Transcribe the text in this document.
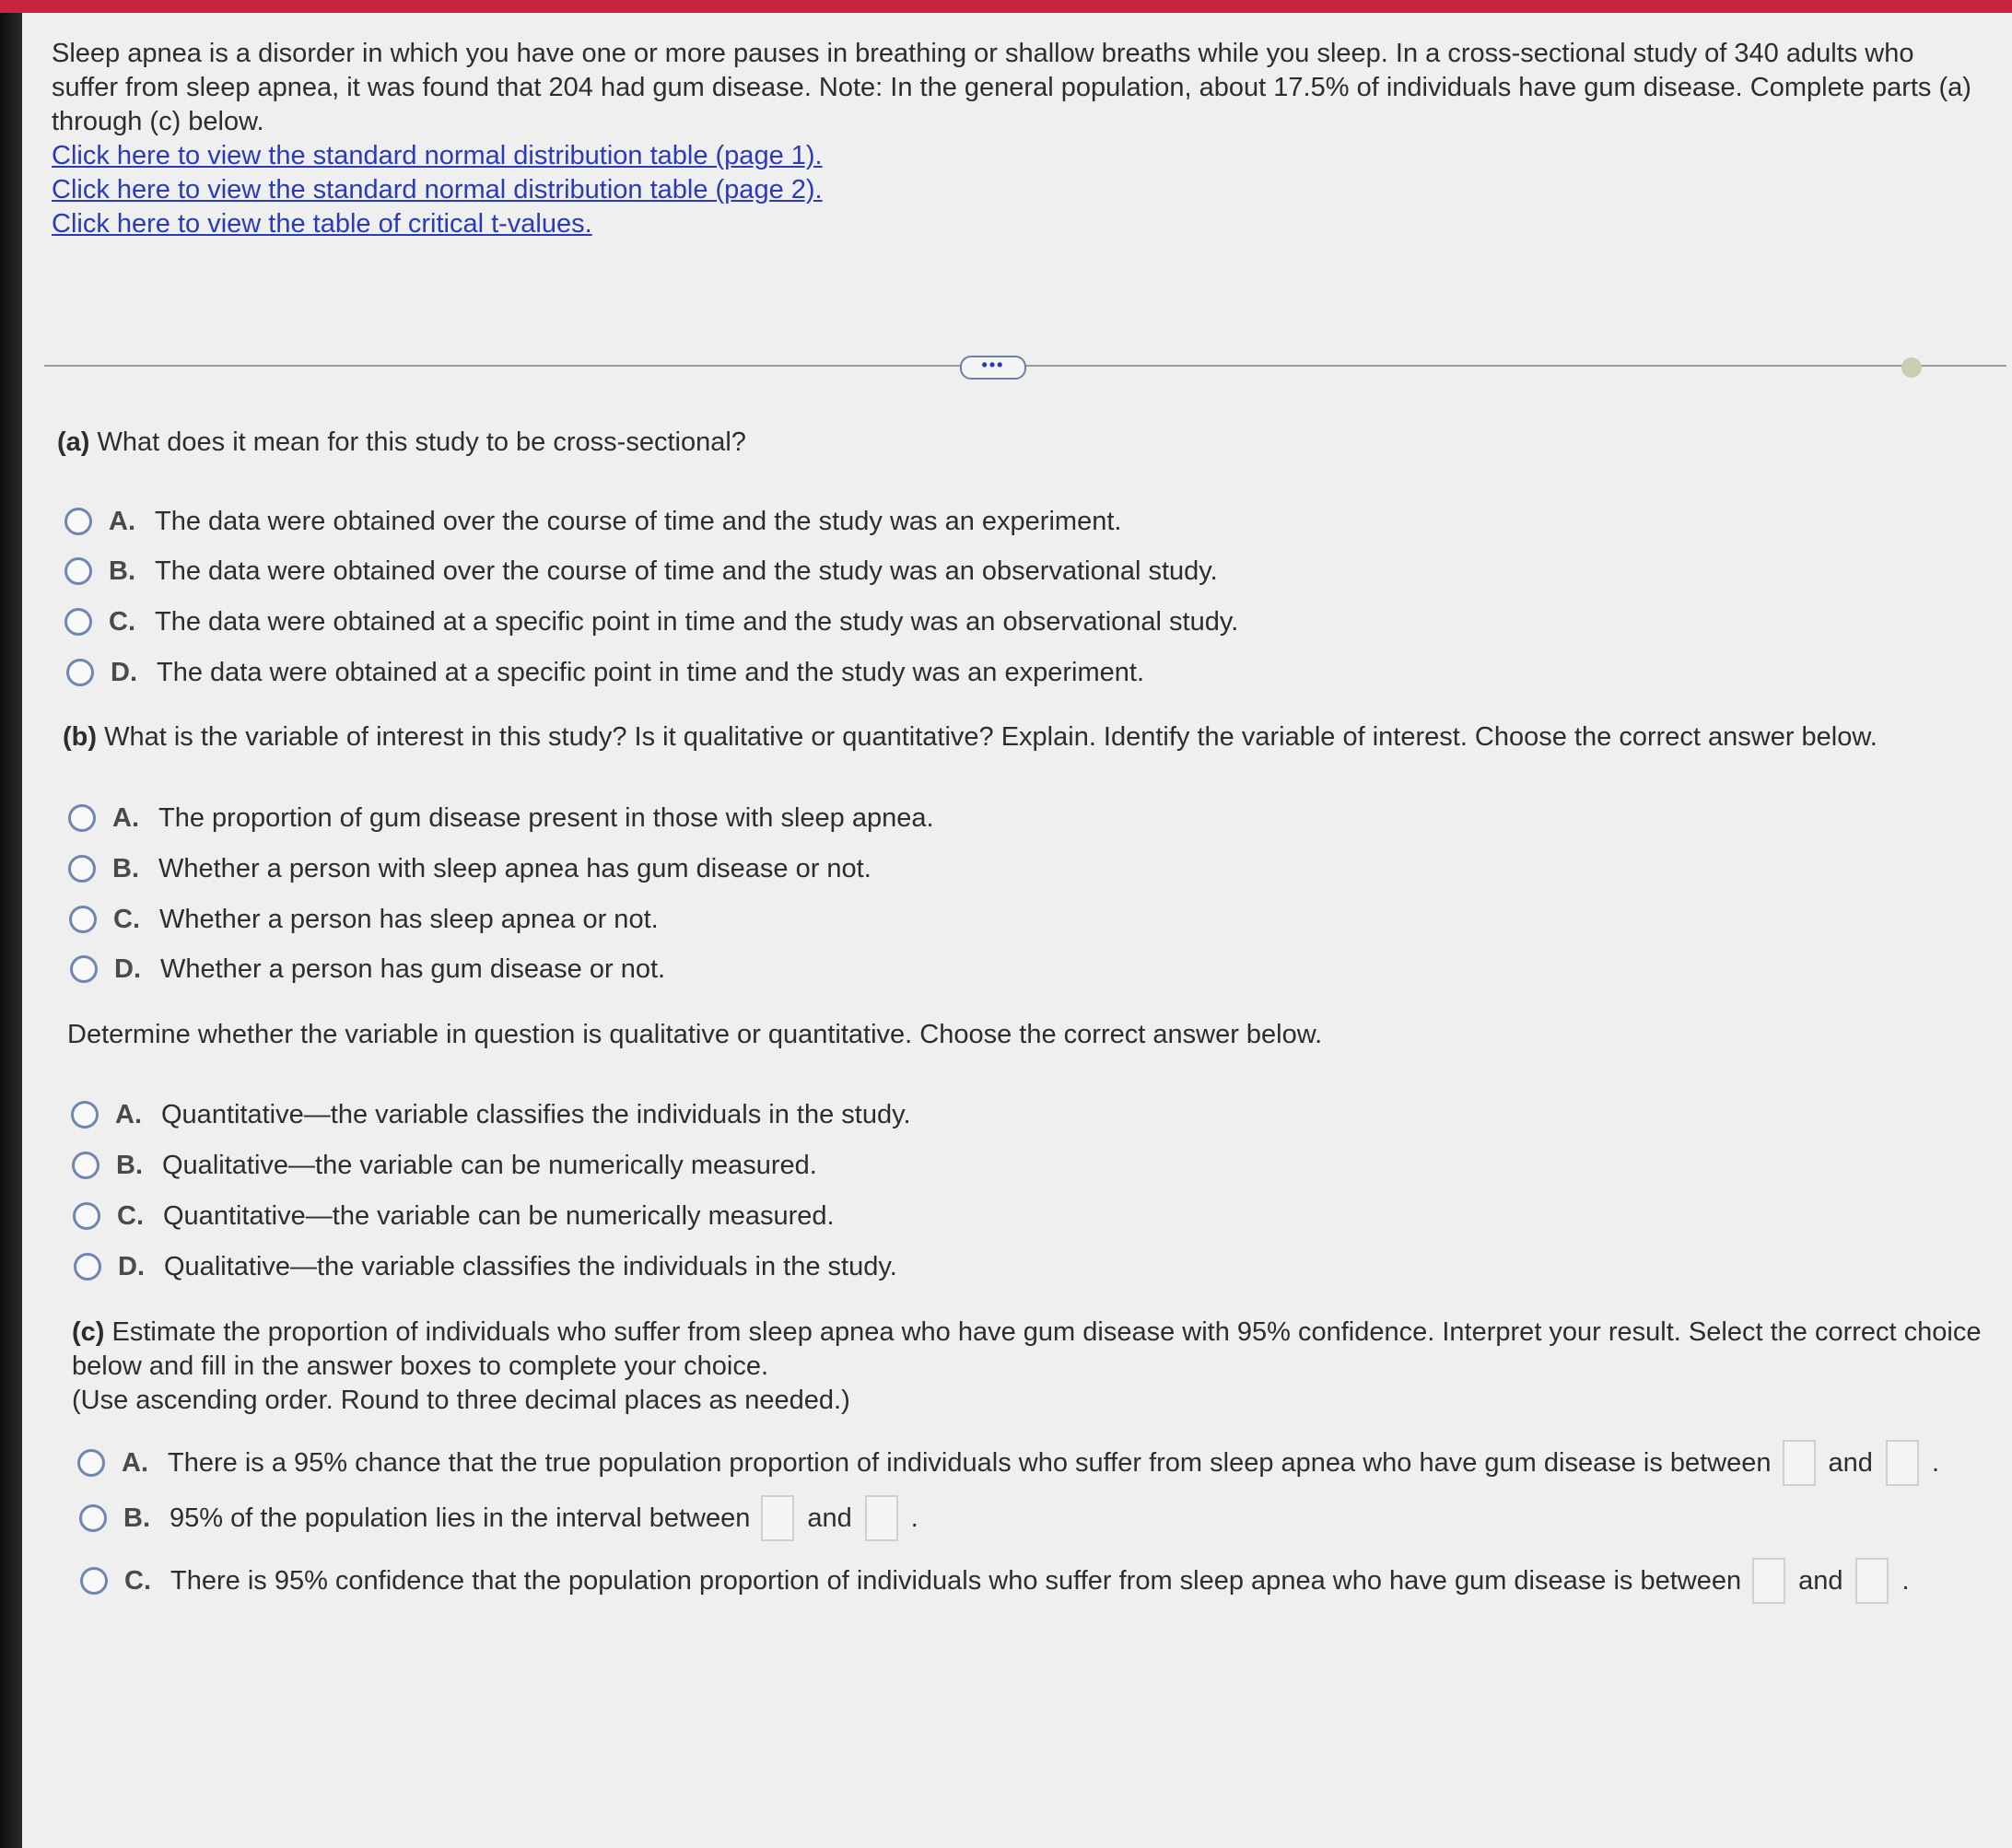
Sleep apnea is a disorder in which you have one or more pauses in breathing or shallow breaths while you sleep. In a cross-sectional study of 340 adults who suffer from sleep apnea, it was found that 204 had gum disease. Note: In the general population, about 17.5% of individuals have gum disease. Complete parts (a) through (c) below.

Click here to view the standard normal distribution table (page 1).
Click here to view the standard normal distribution table (page 2).
Click here to view the table of critical t-values.
•••

(a) What does it mean for this study to be cross-sectional?

A. The data were obtained over the course of time and the study was an experiment.
B. The data were obtained over the course of time and the study was an observational study.
C. The data were obtained at a specific point in time and the study was an observational study.
D. The data were obtained at a specific point in time and the study was an experiment.

(b) What is the variable of interest in this study? Is it qualitative or quantitative? Explain. Identify the variable of interest. Choose the correct answer below.

A. The proportion of gum disease present in those with sleep apnea.
B. Whether a person with sleep apnea has gum disease or not.
C. Whether a person has sleep apnea or not.
D. Whether a person has gum disease or not.

Determine whether the variable in question is qualitative or quantitative. Choose the correct answer below.

A. Quantitative—the variable classifies the individuals in the study.
B. Qualitative—the variable can be numerically measured.
C. Quantitative—the variable can be numerically measured.
D. Qualitative—the variable classifies the individuals in the study.
(c) Estimate the proportion of individuals who suffer from sleep apnea who have gum disease with 95% confidence. Interpret your result. Select the correct choice below and fill in the answer boxes to complete your choice.
(Use ascending order. Round to three decimal places as needed.)
A. There is a 95% chance that the true population proportion of individuals who suffer from sleep apnea who have gum disease is between and .
B. 95% of the population lies in the interval between and .
C. There is 95% confidence that the population proportion of individuals who suffer from sleep apnea who have gum disease is between and .
